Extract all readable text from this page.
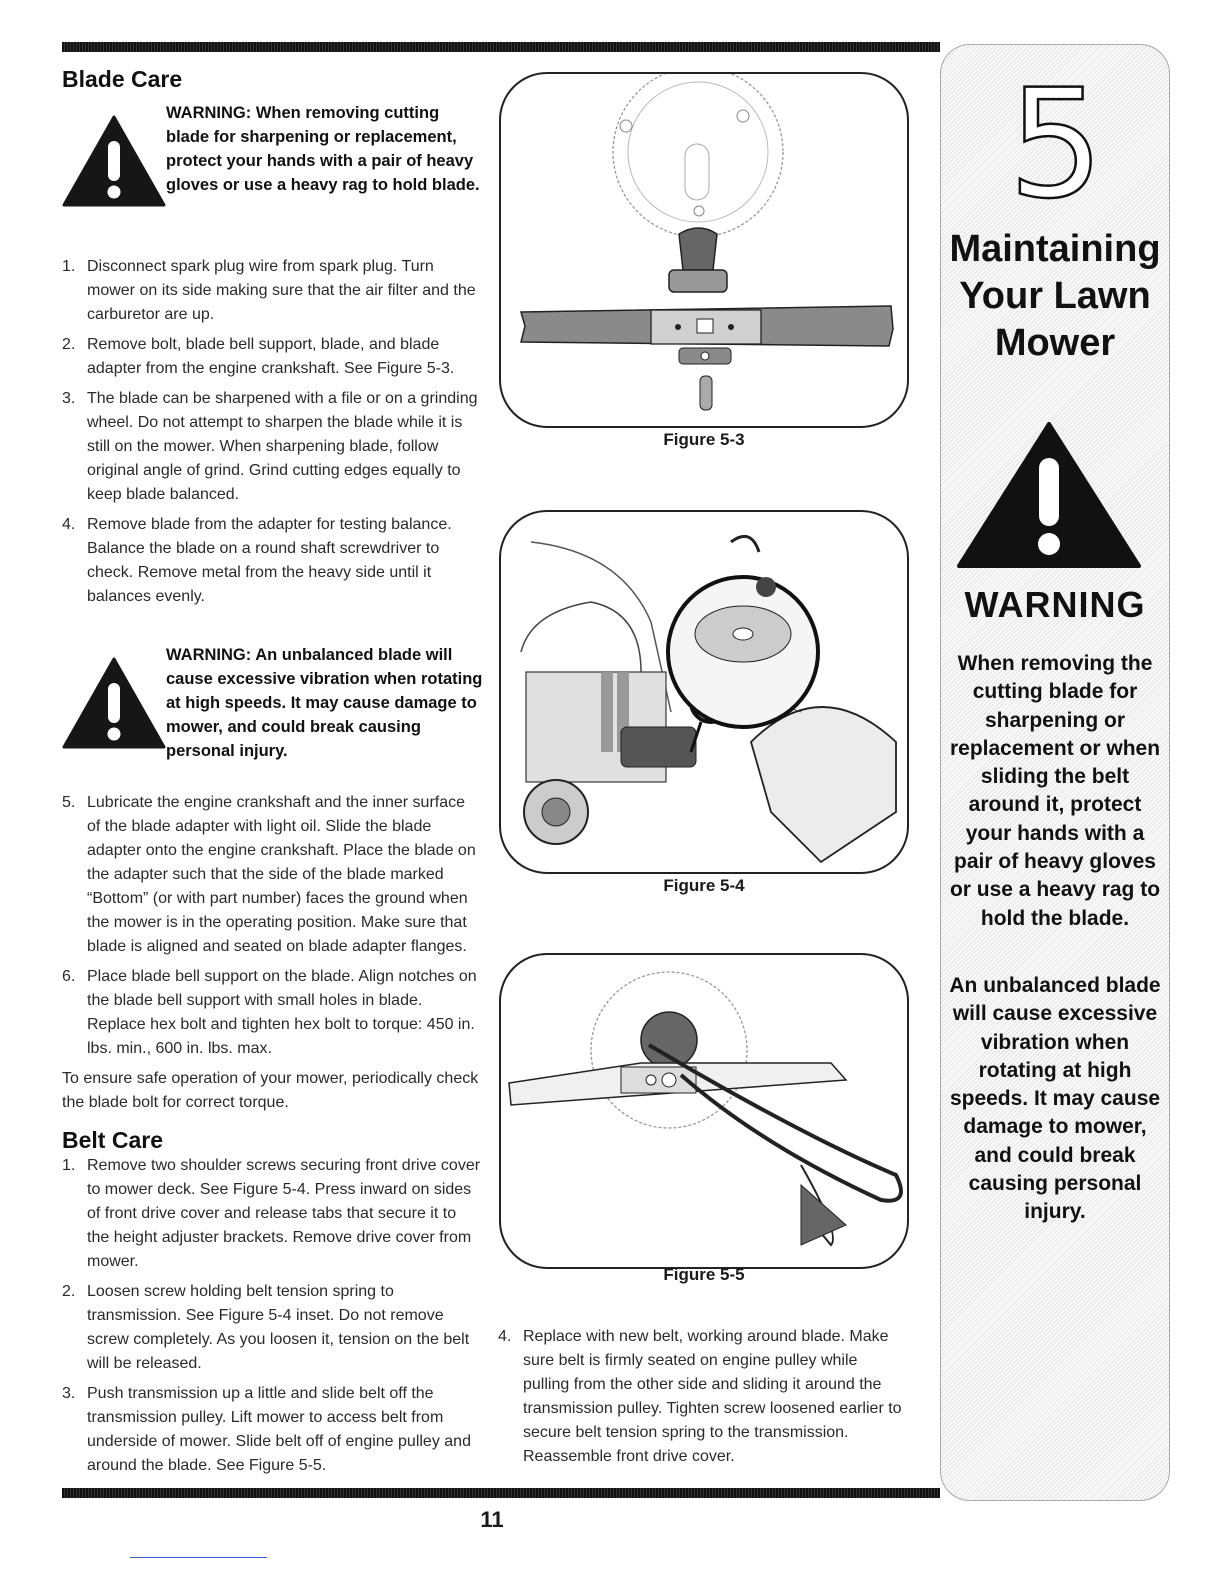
Blade Care
WARNING: When removing cutting blade for sharpening or replacement, protect your hands with a pair of heavy gloves or use a heavy rag to hold blade.
1. Disconnect spark plug wire from spark plug. Turn mower on its side making sure that the air filter and the carburetor are up.
2. Remove bolt, blade bell support, blade, and blade adapter from the engine crankshaft. See Figure 5-3.
3. The blade can be sharpened with a file or on a grinding wheel. Do not attempt to sharpen the blade while it is still on the mower. When sharpening blade, follow original angle of grind. Grind cutting edges equally to keep blade balanced.
4. Remove blade from the adapter for testing balance. Balance the blade on a round shaft screwdriver to check. Remove metal from the heavy side until it balances evenly.
WARNING: An unbalanced blade will cause excessive vibration when rotating at high speeds. It may cause damage to mower, and could break causing personal injury.
5. Lubricate the engine crankshaft and the inner surface of the blade adapter with light oil. Slide the blade adapter onto the engine crankshaft. Place the blade on the adapter such that the side of the blade marked “Bottom” (or with part number) faces the ground when the mower is in the operating position. Make sure that blade is aligned and seated on blade adapter flanges.
6. Place blade bell support on the blade. Align notches on the blade bell support with small holes in blade. Replace hex bolt and tighten hex bolt to torque: 450 in. lbs. min., 600 in. lbs. max.
To ensure safe operation of your mower, periodically check the blade bolt for correct torque.
Belt Care
1. Remove two shoulder screws securing front drive cover to mower deck. See Figure 5-4. Press inward on sides of front drive cover and release tabs that secure it to the height adjuster brackets. Remove drive cover from mower.
2. Loosen screw holding belt tension spring to transmission. See Figure 5-4 inset. Do not remove screw completely. As you loosen it, tension on the belt will be released.
3. Push transmission up a little and slide belt off the transmission pulley. Lift mower to access belt from underside of mower. Slide belt off of engine pulley and around the blade. See Figure 5-5.
Figure 5-3
Figure 5-4
Figure 5-5
4. Replace with new belt, working around blade. Make sure belt is firmly seated on engine pulley while pulling from the other side and sliding it around the transmission pulley. Tighten screw loosened earlier to secure belt tension spring to the transmission. Reassemble front drive cover.
5
Maintaining
Your Lawn
Mower
WARNING
When removing the cutting blade for sharpening or replacement or when sliding the belt around it, protect your hands with a pair of heavy gloves or use a heavy rag to hold the blade.
An unbalanced blade will cause excessive vibration when rotating at high speeds. It may cause damage to mower, and could break causing personal injury.
11
